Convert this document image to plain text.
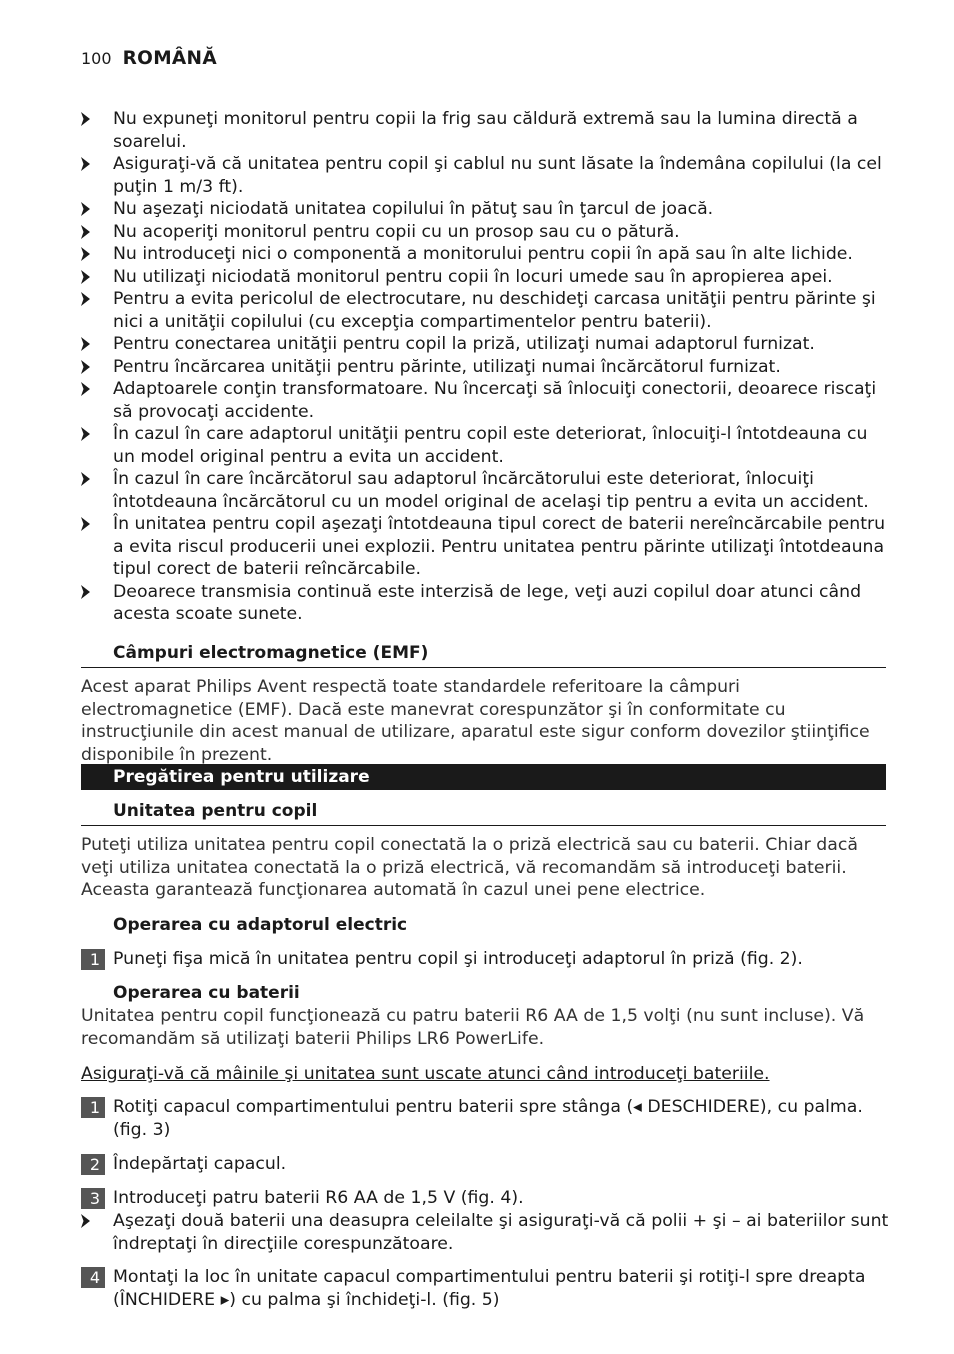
100 ROMÂNĂ

Nu expuneţi monitorul pentru copii la frig sau căldură extremă sau la lumina directă a soarelui.

Asiguraţi-vă că unitatea pentru copil şi cablul nu sunt lăsate la îndemâna copilului (la cel puţin 1 m/3 ft).

Nu aşezaţi niciodată unitatea copilului în pătuţ sau în ţarcul de joacă.

Nu acoperiţi monitorul pentru copii cu un prosop sau cu o pătură.

Nu introduceţi nici o componentă a monitorului pentru copii în apă sau în alte lichide.

Nu utilizaţi niciodată monitorul pentru copii în locuri umede sau în apropierea apei.

Pentru a evita pericolul de electrocutare, nu deschideţi carcasa unităţii pentru părinte şi nici a unităţii copilului (cu excepţia compartimentelor pentru baterii).

Pentru conectarea unităţii pentru copil la priză, utilizaţi numai adaptorul furnizat.

Pentru încărcarea unităţii pentru părinte, utilizaţi numai încărcătorul furnizat.

Adaptoarele conţin transformatoare. Nu încercaţi să înlocuiţi conectorii, deoarece riscaţi să provocaţi accidente.

În cazul în care adaptorul unităţii pentru copil este deteriorat, înlocuiţi-l întotdeauna cu un model original pentru a evita un accident.

În cazul în care încărcătorul sau adaptorul încărcătorului este deteriorat, înlocuiţi întotdeauna încărcătorul cu un model original de acelaşi tip pentru a evita un accident.

În unitatea pentru copil aşezaţi întotdeauna tipul corect de baterii nereîncărcabile pentru a evita riscul producerii unei explozii. Pentru unitatea pentru părinte utilizaţi întotdeauna tipul corect de baterii reîncărcabile.

Deoarece transmisia continuă este interzisă de lege, veţi auzi copilul doar atunci când acesta scoate sunete.

Câmpuri electromagnetice (EMF)
Acest aparat Philips Avent respectă toate standardele referitoare la câmpuri electromagnetice (EMF). Dacă este manevrat corespunzător şi în conformitate cu instrucţiunile din acest manual de utilizare, aparatul este sigur conform dovezilor ştiinţifice disponibile în prezent.
Pregătirea pentru utilizare
Unitatea pentru copil
Puteţi utiliza unitatea pentru copil conectată la o priză electrică sau cu baterii. Chiar dacă veţi utiliza unitatea conectată la o priză electrică, vă recomandăm să introduceţi baterii. Aceasta garantează funcţionarea automată în cazul unei pene electrice.
Operarea cu adaptorul electric
1 Puneţi fişa mică în unitatea pentru copil şi introduceţi adaptorul în priză (fig. 2).
Operarea cu baterii
Unitatea pentru copil funcţionează cu patru baterii R6 AA de 1,5 volţi (nu sunt incluse). Vă recomandăm să utilizaţi baterii Philips LR6 PowerLife.
Asiguraţi-vă că mâinile şi unitatea sunt uscate atunci când introduceţi bateriile.
1 Rotiţi capacul compartimentului pentru baterii spre stânga (◂ DESCHIDERE), cu palma. (fig. 3)
2 Îndepărtaţi capacul.
3 Introduceţi patru baterii R6 AA de 1,5 V (fig. 4).
Aşezaţi două baterii una deasupra celeilalte şi asiguraţi-vă că polii + şi – ai bateriilor sunt îndreptaţi în direcţiile corespunzătoare.
4 Montaţi la loc în unitate capacul compartimentului pentru baterii şi rotiţi-l spre dreapta (ÎNCHIDERE ▸) cu palma şi închideţi-l. (fig. 5)
